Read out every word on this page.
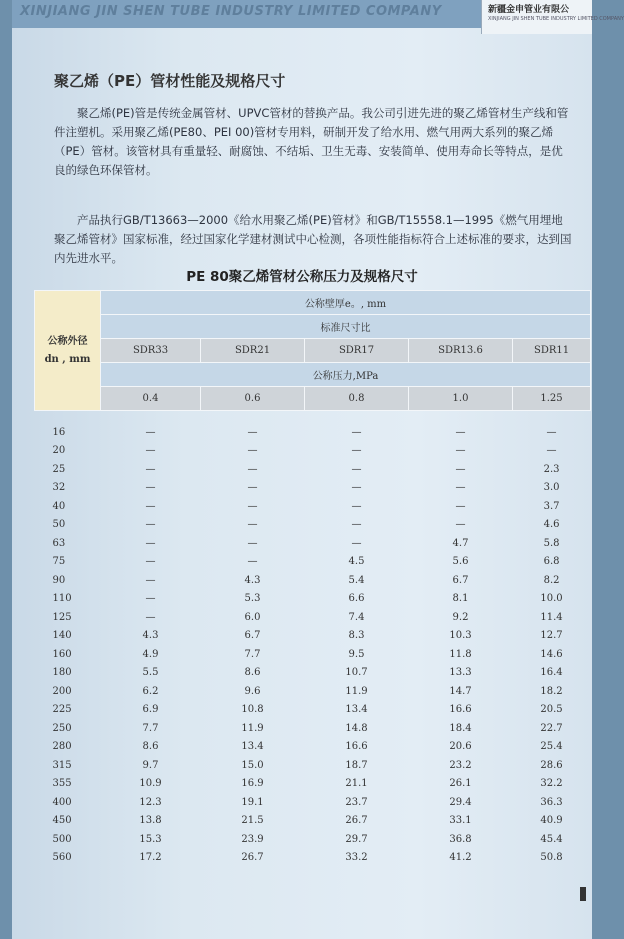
XINJIANG JIN SHEN TUBE INDUSTRY LIMITED COMPANY	新疆金申管业有限公
XINJIANG JIN SHEN TUBE INDUSTRY LIMITED COMPANY
聚乙烯（PE）管材性能及规格尺寸
聚乙烯(PE)管是传统金属管材、UPVC管材的替换产品。我公司引进先进的聚乙烯管材生产线和管件注塑机。采用聚乙烯(PE80、PEI 00)管材专用料，研制开发了给水用、燃气用两大系列的聚乙烯（PE）管材。该管材具有重量轻、耐腐蚀、不结垢、卫生无毒、安装简单、使用寿命长等特点，是优良的绿色环保管材。
产品执行GB/T13663—2000《给水用聚乙烯(PE)管材》和GB/T15558.1—1995《燃气用埋地聚乙烯管材》国家标准，经过国家化学建材测试中心检测，各项性能指标符合上述标准的要求，达到国内先进水平。
PE 80聚乙烯管材公称压力及规格尺寸
公称外径
dn , mm	公称壁厚e。, mm				
	标准尺寸比				
	SDR33	SDR21	SDR17	SDR13.6	SDR11
	公称压力,MPa				
	0.4	0.6	0.8	1.0	1.25

16	—	—	—	—	—
20	—	—	—	—	—
25	—	—	—	—	2.3
32	—	—	—	—	3.0
40	—	—	—	—	3.7
50	—	—	—	—	4.6
63	—	—	—	4.7	5.8
75	—	—	4.5	5.6	6.8
90	—	4.3	5.4	6.7	8.2
110	—	5.3	6.6	8.1	10.0
125	—	6.0	7.4	9.2	11.4
140	4.3	6.7	8.3	10.3	12.7
160	4.9	7.7	9.5	11.8	14.6
180	5.5	8.6	10.7	13.3	16.4
200	6.2	9.6	11.9	14.7	18.2
225	6.9	10.8	13.4	16.6	20.5
250	7.7	11.9	14.8	18.4	22.7
280	8.6	13.4	16.6	20.6	25.4
315	9.7	15.0	18.7	23.2	28.6
355	10.9	16.9	21.1	26.1	32.2
400	12.3	19.1	23.7	29.4	36.3
450	13.8	21.5	26.7	33.1	40.9
500	15.3	23.9	29.7	36.8	45.4
560	17.2	26.7	33.2	41.2	50.8
